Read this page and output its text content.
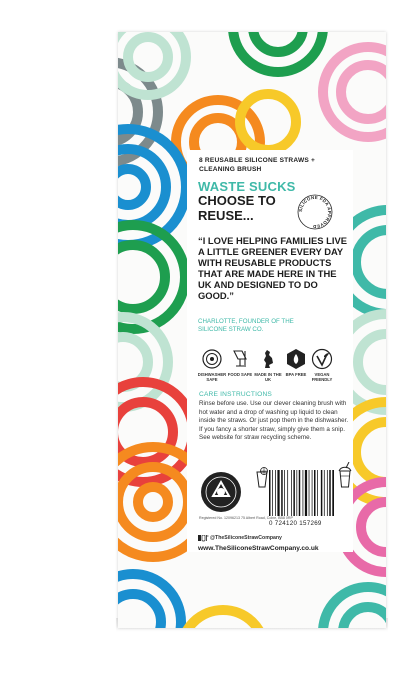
8 REUSABLE SILICONE STRAWS + CLEANING BRUSH
WASTE SUCKS
CHOOSE TO REUSE...	SILICONE FDA APPROVED
“I LOVE HELPING FAMILIES LIVE A LITTLE GREENER EVERY DAY WITH REUSABLE PRODUCTS THAT ARE MADE HERE IN THE UK AND DESIGNED TO DO GOOD.”
CHARLOTTE, FOUNDER OF THE SILICONE STRAW CO.
DISHWASHER SAFE
FOOD SAFE MADE IN THE UK
BPA FREE	VEGAN FRIENDLY
CARE INSTRUCTIONS
Rinse before use. Use our clever cleaning brush with hot water and a drop of washing up liquid to clean inside the straws. Or just pop them in the dishwasher. If you fancy a shorter straw, simply give them a snip. See website for straw recycling scheme.
0 724120 157269
Registered No. 12096213 75 Albert Road, Colne, BB8 0RP
@TheSiliconeStrawCompany
www.TheSiliconeStrawCompany.co.uk
